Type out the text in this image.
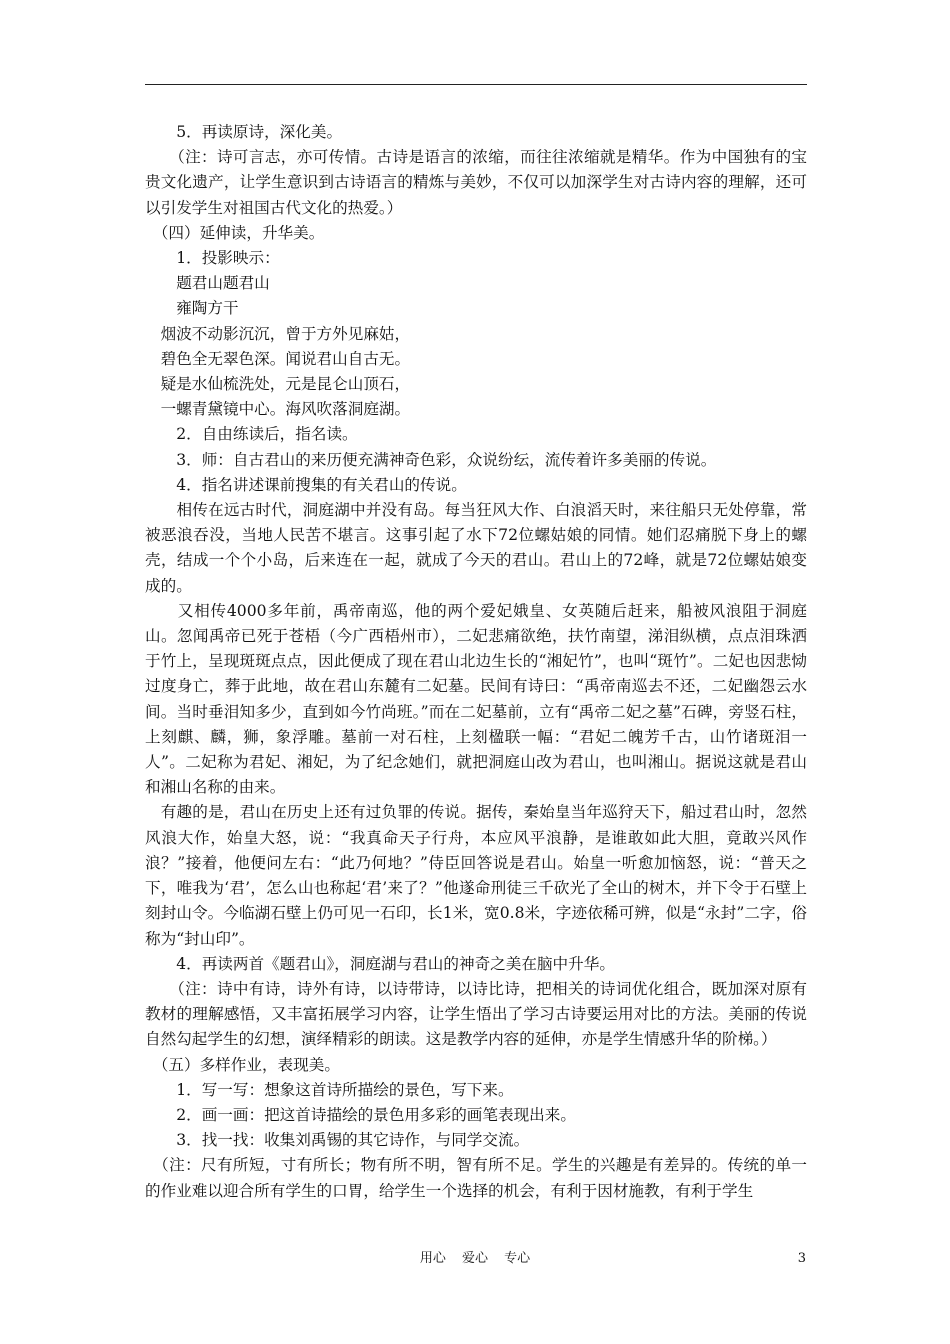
　　5．再读原诗，深化美。

　　（注：诗可言志，亦可传情。古诗是语言的浓缩，而往往浓缩就是精华。作为中国独有的宝贵文化遗产，让学生意识到古诗语言的精炼与美妙，不仅可以加深学生对古诗内容的理解，还可以引发学生对祖国古代文化的热爱。）

　（四）延伸读，升华美。

　　1．投影映示：

　　题君山题君山

　　雍陶方干

　烟波不动影沉沉，曾于方外见麻姑，

　碧色全无翠色深。闻说君山自古无。

　疑是水仙梳洗处，元是昆仑山顶石，

　一螺青黛镜中心。海风吹落洞庭湖。

　　2．自由练读后，指名读。

　　3．师：自古君山的来历便充满神奇色彩，众说纷纭，流传着许多美丽的传说。

　　4．指名讲述课前搜集的有关君山的传说。

　　相传在远古时代，洞庭湖中并没有岛。每当狂风大作、白浪滔天时，来往船只无处停靠，常被恶浪吞没，当地人民苦不堪言。这事引起了水下72位螺姑娘的同情。她们忍痛脱下身上的螺壳，结成一个个小岛，后来连在一起，就成了今天的君山。君山上的72峰，就是72位螺姑娘变成的。

　　又相传4000多年前，禹帝南巡，他的两个爱妃娥皇、女英随后赶来，船被风浪阻于洞庭山。忽闻禹帝已死于苍梧（今广西梧州市），二妃悲痛欲绝，扶竹南望，涕泪纵横，点点泪珠洒于竹上，呈现斑斑点点，因此便成了现在君山北边生长的“湘妃竹”，也叫“斑竹”。二妃也因悲恸过度身亡，葬于此地，故在君山东麓有二妃墓。民间有诗曰：“禹帝南巡去不还，二妃幽怨云水间。当时垂泪知多少，直到如今竹尚班。”而在二妃墓前，立有“禹帝二妃之墓”石碑，旁竖石柱，上刻麒、麟，狮，象浮雕。墓前一对石柱，上刻楹联一幅：“君妃二魄芳千古，山竹诸斑泪一人”。二妃称为君妃、湘妃，为了纪念她们，就把洞庭山改为君山，也叫湘山。据说这就是君山和湘山名称的由来。

　有趣的是，君山在历史上还有过负罪的传说。据传，秦始皇当年巡狩天下，船过君山时，忽然风浪大作，始皇大怒，说：“我真命天子行舟，本应风平浪静，是谁敢如此大胆，竟敢兴风作浪？”接着，他便问左右：“此乃何地？”侍臣回答说是君山。始皇一听愈加恼怒，说：“普天之下，唯我为‘君’，怎么山也称起‘君’来了？”他遂命刑徒三千砍光了全山的树木，并下令于石壁上刻封山令。今临湖石壁上仍可见一石印，长1米，宽0.8米，字迹依稀可辨，似是“永封”二字，俗称为“封山印”。

　　4．再读两首《题君山》，洞庭湖与君山的神奇之美在脑中升华。

　　（注：诗中有诗，诗外有诗，以诗带诗，以诗比诗，把相关的诗词优化组合，既加深对原有教材的理解感悟，又丰富拓展学习内容，让学生悟出了学习古诗要运用对比的方法。美丽的传说自然勾起学生的幻想，演绎精彩的朗读。这是教学内容的延伸，亦是学生情感升华的阶梯。）

　（五）多样作业，表现美。

　　1．写一写：想象这首诗所描绘的景色，写下来。

　　2．画一画：把这首诗描绘的景色用多彩的画笔表现出来。

　　3．找一找：收集刘禹锡的其它诗作，与同学交流。

　（注：尺有所短，寸有所长；物有所不明，智有所不足。学生的兴趣是有差异的。传统的单一的作业难以迎合所有学生的口胃，给学生一个选择的机会，有利于因材施教，有利于学生

用心 爱心 专心	3
